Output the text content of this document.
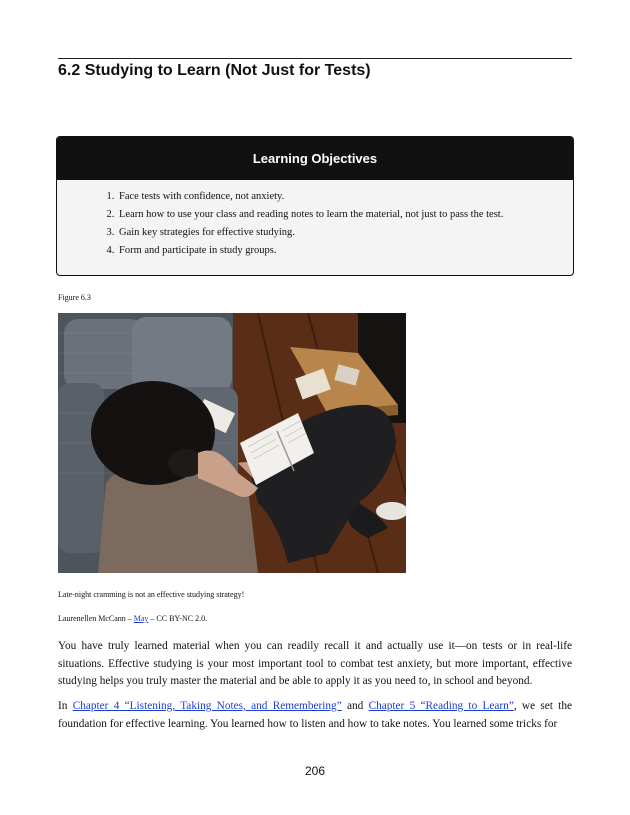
6.2 Studying to Learn (Not Just for Tests)
Learning Objectives
1. Face tests with confidence, not anxiety.
2. Learn how to use your class and reading notes to learn the material, not just to pass the test.
3. Gain key strategies for effective studying.
4. Form and participate in study groups.
Figure 6.3
Late-night cramming is not an effective studying strategy!
Laurenellen McCann – May – CC BY-NC 2.0.

You have truly learned material when you can readily recall it and actually use it—on tests or in real-life situations. Effective studying is your most important tool to combat test anxiety, but more important, effective studying helps you truly master the material and be able to apply it as you need to, in school and beyond.

In Chapter 4 “Listening, Taking Notes, and Remembering” and Chapter 5 “Reading to Learn”, we set the foundation for effective learning. You learned how to listen and how to take notes. You learned some tricks for

206
